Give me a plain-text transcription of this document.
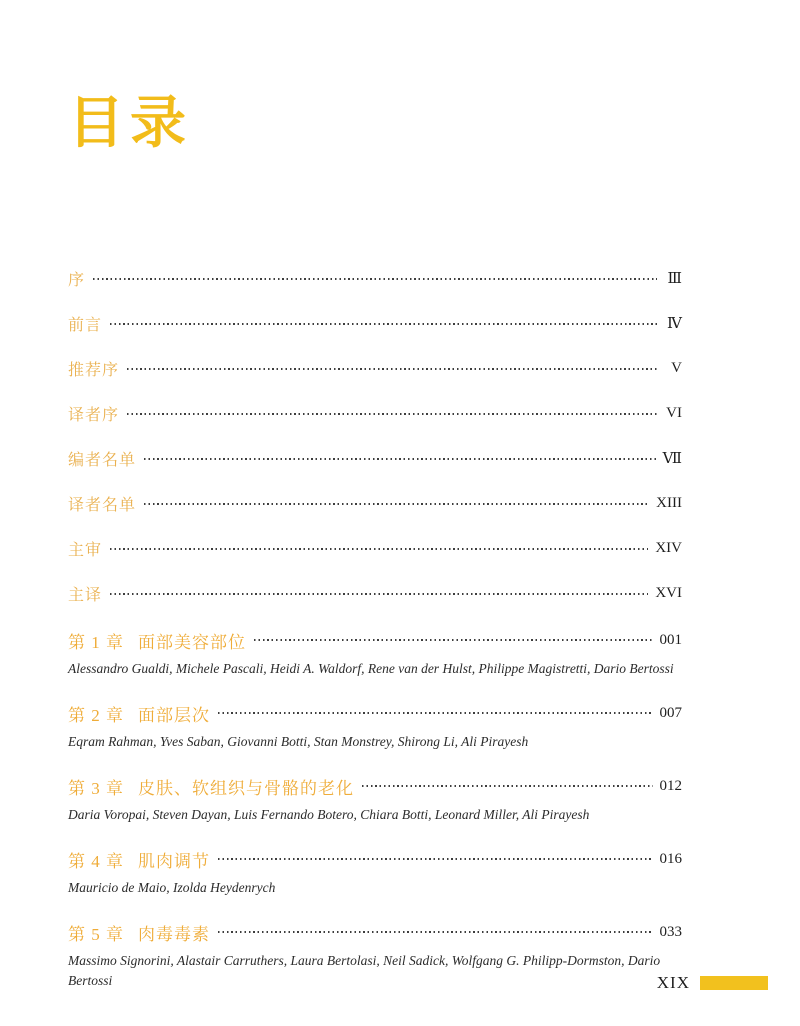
目录
序	Ⅲ
前言	Ⅳ
推荐序	V
译者序	VI
编者名单	Ⅶ
译者名单	XIII
主审	XIV
主译	XVI
第 1 章 面部美容部位	001
Alessandro Gualdi, Michele Pascali, Heidi A. Waldorf, Rene van der Hulst, Philippe Magistretti, Dario Bertossi
第 2 章 面部层次	007
Eqram Rahman, Yves Saban, Giovanni Botti, Stan Monstrey, Shirong Li, Ali Pirayesh
第 3 章 皮肤、软组织与骨骼的老化	012
Daria Voropai, Steven Dayan, Luis Fernando Botero, Chiara Botti, Leonard Miller, Ali Pirayesh
第 4 章 肌肉调节	016
Mauricio de Maio, Izolda Heydenrych
第 5 章 肉毒毒素	033
Massimo Signorini, Alastair Carruthers, Laura Bertolasi, Neil Sadick, Wolfgang G. Philipp-Dormston, Dario Bertossi	XIX
